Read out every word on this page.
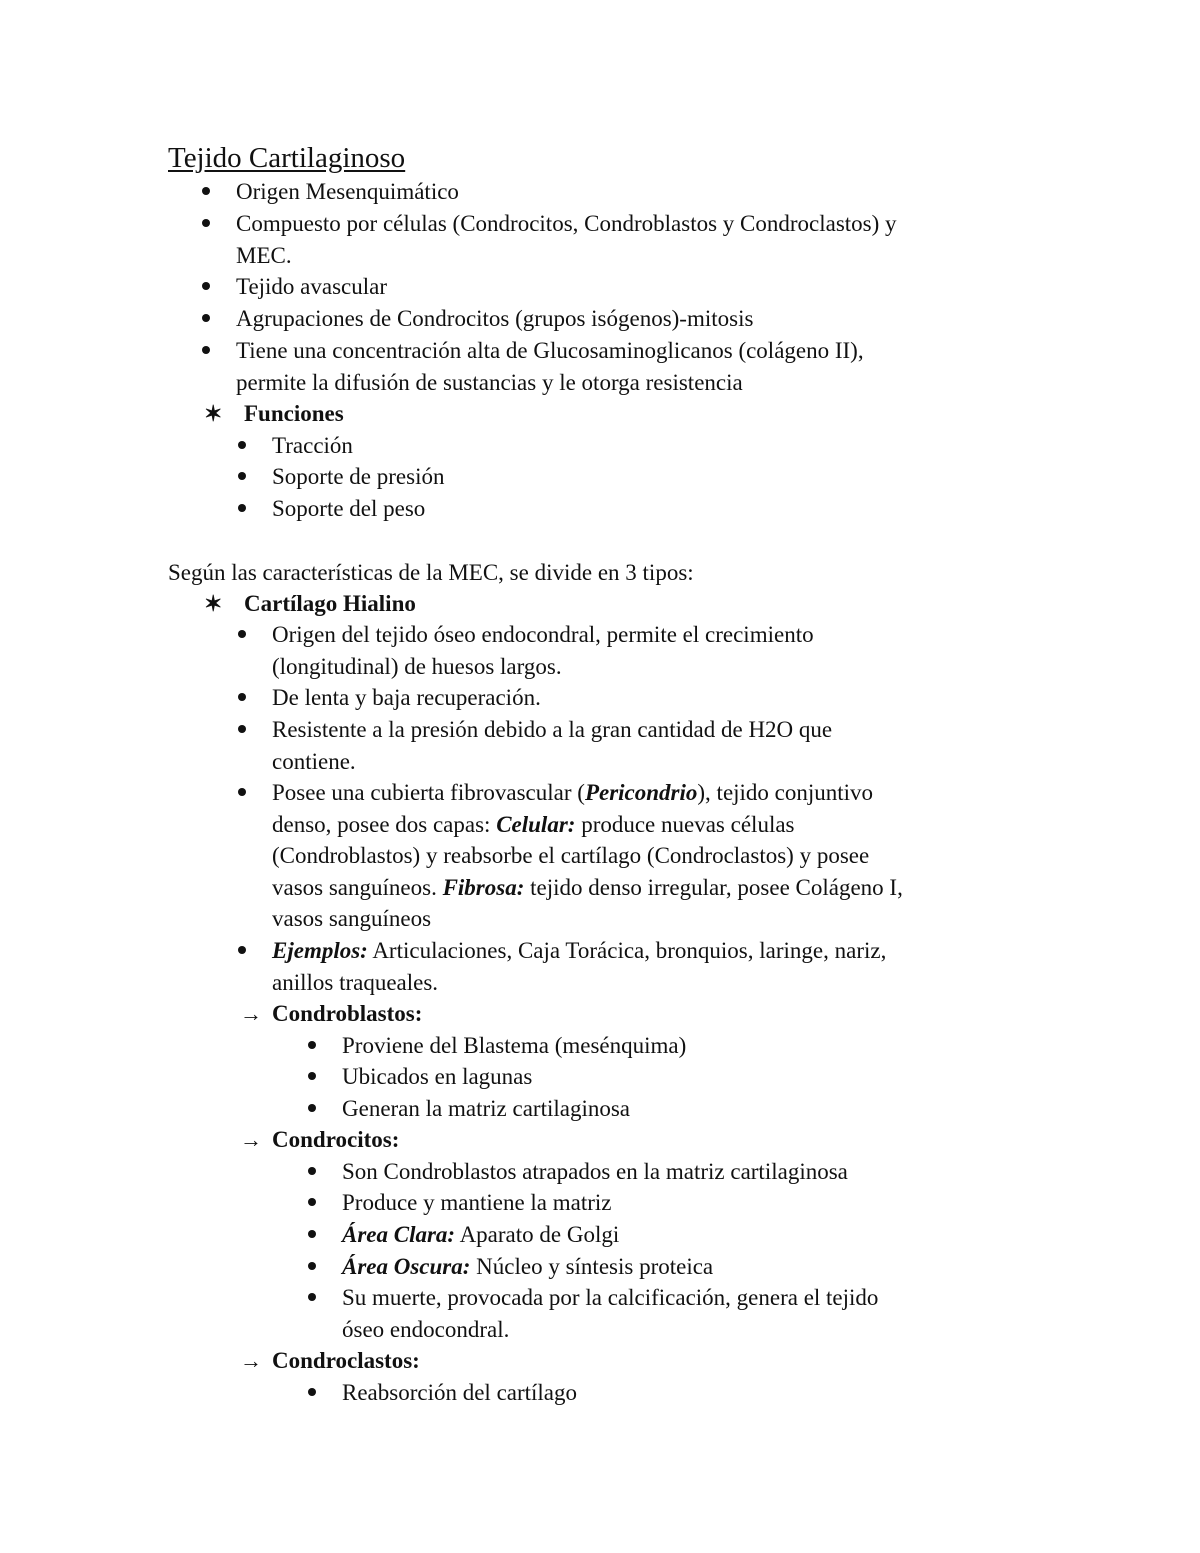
Tejido Cartilaginoso
Origen Mesenquimático
Compuesto por células (Condrocitos, Condroblastos y Condroclastos) y
MEC.
Tejido avascular
Agrupaciones de Condrocitos (grupos isógenos)-mitosis
Tiene una concentración alta de Glucosaminoglicanos (colágeno II),
permite la difusión de sustancias y le otorga resistencia
✶ Funciones
Tracción
Soporte de presión
Soporte del peso
Según las características de la MEC, se divide en 3 tipos:
✶ Cartílago Hialino
Origen del tejido óseo endocondral, permite el crecimiento
(longitudinal) de huesos largos.
De lenta y baja recuperación.
Resistente a la presión debido a la gran cantidad de H2O que
contiene.
Posee una cubierta fibrovascular (Pericondrio), tejido conjuntivo
denso, posee dos capas: Celular: produce nuevas células
(Condroblastos) y reabsorbe el cartílago (Condroclastos) y posee
vasos sanguíneos. Fibrosa: tejido denso irregular, posee Colágeno I,
vasos sanguíneos
Ejemplos: Articulaciones, Caja Torácica, bronquios, laringe, nariz,
anillos traqueales.
→ Condroblastos:
Proviene del Blastema (mesénquima)
Ubicados en lagunas
Generan la matriz cartilaginosa
→ Condrocitos:
Son Condroblastos atrapados en la matriz cartilaginosa
Produce y mantiene la matriz
Área Clara: Aparato de Golgi
Área Oscura: Núcleo y síntesis proteica
Su muerte, provocada por la calcificación, genera el tejido
óseo endocondral.
→ Condroclastos:
Reabsorción del cartílago
